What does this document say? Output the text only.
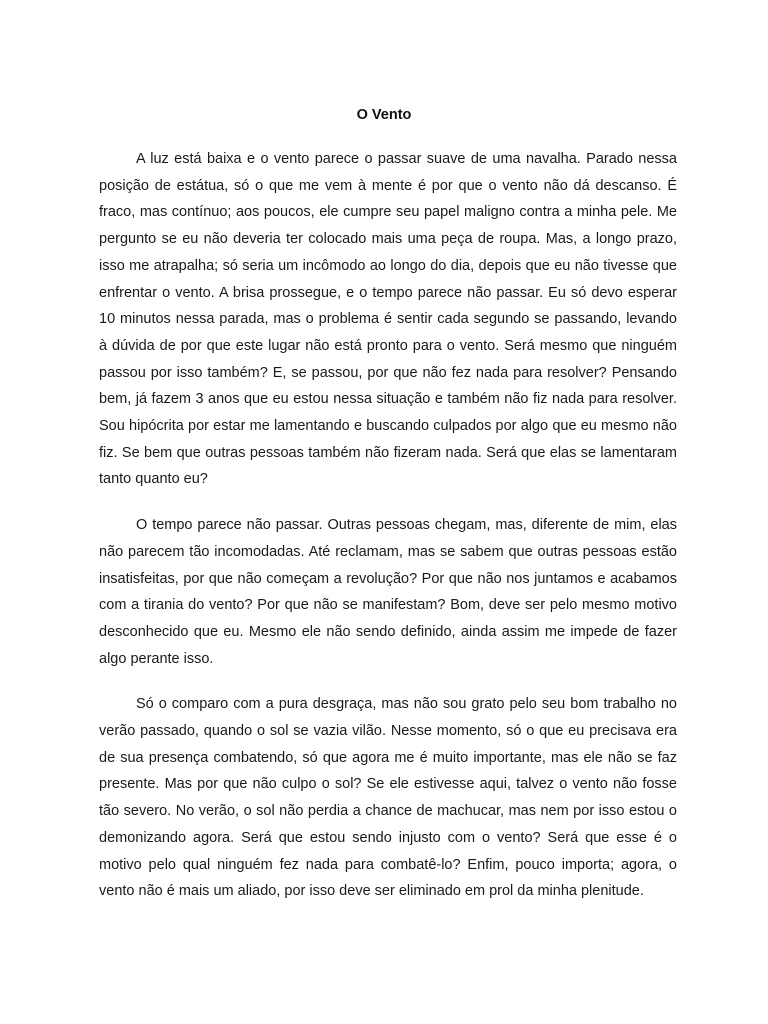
O Vento

A luz está baixa e o vento parece o passar suave de uma navalha. Parado nessa posição de estátua, só o que me vem à mente é por que o vento não dá descanso. É fraco, mas contínuo; aos poucos, ele cumpre seu papel maligno contra a minha pele. Me pergunto se eu não deveria ter colocado mais uma peça de roupa. Mas, a longo prazo, isso me atrapalha; só seria um incômodo ao longo do dia, depois que eu não tivesse que enfrentar o vento. A brisa prossegue, e o tempo parece não passar. Eu só devo esperar 10 minutos nessa parada, mas o problema é sentir cada segundo se passando, levando à dúvida de por que este lugar não está pronto para o vento. Será mesmo que ninguém passou por isso também? E, se passou, por que não fez nada para resolver? Pensando bem, já fazem 3 anos que eu estou nessa situação e também não fiz nada para resolver. Sou hipócrita por estar me lamentando e buscando culpados por algo que eu mesmo não fiz. Se bem que outras pessoas também não fizeram nada. Será que elas se lamentaram tanto quanto eu?

O tempo parece não passar. Outras pessoas chegam, mas, diferente de mim, elas não parecem tão incomodadas. Até reclamam, mas se sabem que outras pessoas estão insatisfeitas, por que não começam a revolução? Por que não nos juntamos e acabamos com a tirania do vento? Por que não se manifestam? Bom, deve ser pelo mesmo motivo desconhecido que eu. Mesmo ele não sendo definido, ainda assim me impede de fazer algo perante isso.

Só o comparo com a pura desgraça, mas não sou grato pelo seu bom trabalho no verão passado, quando o sol se vazia vilão. Nesse momento, só o que eu precisava era de sua presença combatendo, só que agora me é muito importante, mas ele não se faz presente. Mas por que não culpo o sol? Se ele estivesse aqui, talvez o vento não fosse tão severo. No verão, o sol não perdia a chance de machucar, mas nem por isso estou o demonizando agora. Será que estou sendo injusto com o vento? Será que esse é o motivo pelo qual ninguém fez nada para combatê-lo? Enfim, pouco importa; agora, o vento não é mais um aliado, por isso deve ser eliminado em prol da minha plenitude.
